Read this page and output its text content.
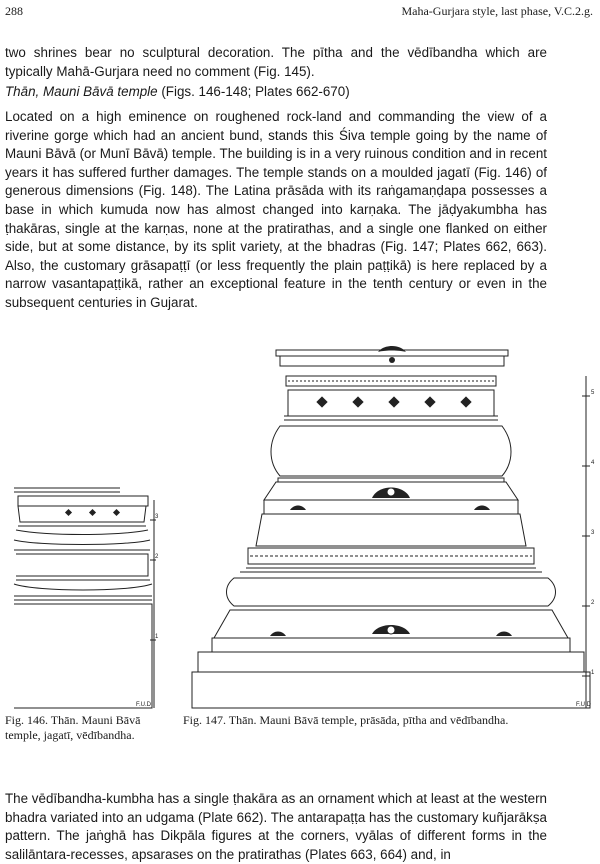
288	Maha-Gurjara style, last phase, V.C.2.g.

two shrines bear no sculptural decoration. The pītha and the vēdībandha which are typically Mahā-Gurjara need no comment (Fig. 145).

Thān, Mauni Bāvā temple (Figs. 146-148; Plates 662-670)

Located on a high eminence on roughened rock-land and commanding the view of a riverine gorge which had an ancient bund, stands this Śiva temple going by the name of Mauni Bāvā (or Munī Bāvā) temple. The building is in a very ruinous condition and in recent years it has suffered further damages. The temple stands on a moulded jagatī (Fig. 146) of generous dimensions (Fig. 148). The Latina prāsāda with its raṅgamaṇḍapa possesses a base in which kumuda now has almost changed into karṇaka. The jāḍyakumbha has ṭhakāras, single at the karṇas, none at the pratirathas, and a single one flanked on either side, but at some distance, by its split variety, at the bhadras (Fig. 147; Plates 662, 663). Also, the customary grāsapaṭṭī (or less frequently the plain paṭṭikā) is here replaced by a narrow vasantapaṭṭikā, rather an exceptional feature in the tenth century or even in the subsequent centuries in Gujarat.

3
2
1
F.U.D
5
4
3
2
1
F.U.D
Fig. 146. Thān. Mauni Bāvā temple, jagatī, vēdībandha.
Fig. 147. Thān. Mauni Bāvā temple, prāsāda, pītha and vēdībandha.

The vēdībandha-kumbha has a single ṭhakāra as an ornament which at least at the western bhadra variated into an udgama (Plate 662). The antarapaṭṭa has the customary kuñjarākṣa pattern. The jaṅghā has Dikpāla figures at the corners, vyālas of different forms in the salilāntara-recesses, apsarases on the pratirathas (Plates 663, 664) and, in
